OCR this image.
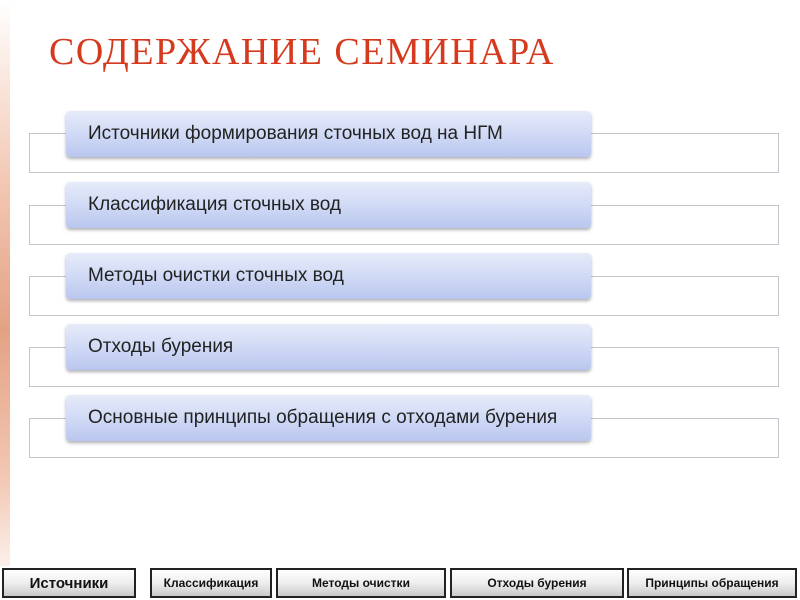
СОДЕРЖАНИЕ СЕМИНАРА
Источники формирования сточных вод на НГМ
Классификация сточных вод
Методы очистки сточных вод
Отходы бурения
Основные принципы обращения с отходами бурения
Источники	Классификация	Методы очистки	Отходы бурения	Принципы обращения
